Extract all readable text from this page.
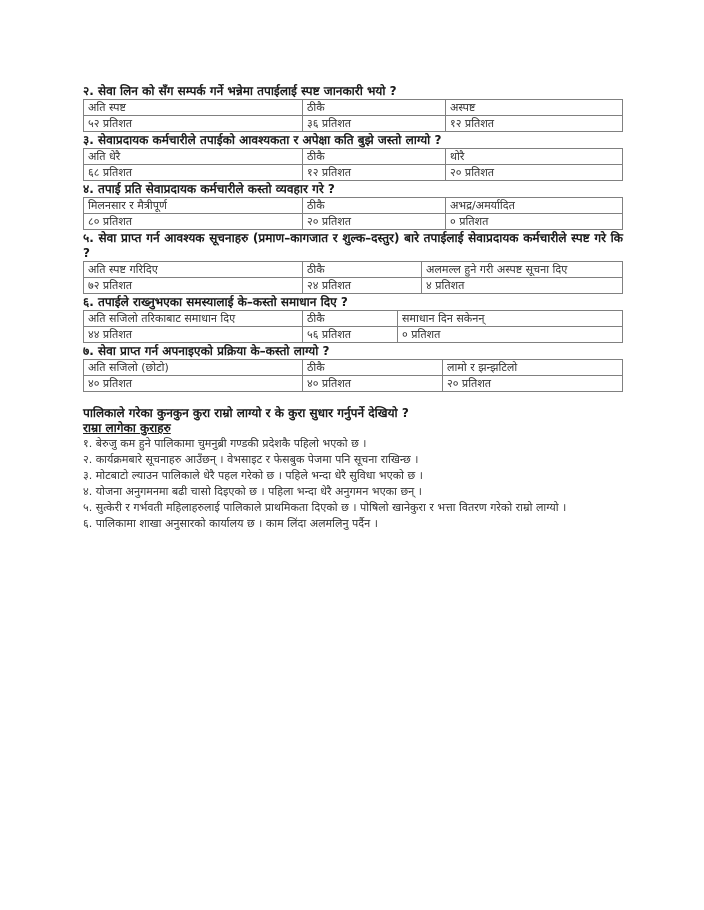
२. सेवा लिन को सँग सम्पर्क गर्ने भन्नेमा तपाईलाई स्पष्ट जानकारी भयो ?

अति स्पष्ट	ठीकै	अस्पष्ट
५२ प्रतिशत	३६ प्रतिशत	१२ प्रतिशत

३. सेवाप्रदायक कर्मचारीले तपाईको आवश्यकता र अपेक्षा कति बुझे जस्तो लाग्यो ?

अति धेरै	ठीकै	थोरै
६८ प्रतिशत	१२ प्रतिशत	२० प्रतिशत

४. तपाई प्रति सेवाप्रदायक कर्मचारीले कस्तो व्यवहार गरे ?

मिलनसार र मैत्रीपूर्ण	ठीकै	अभद्र/अमर्यादित
८० प्रतिशत	२० प्रतिशत	० प्रतिशत

५. सेवा प्राप्त गर्न आवश्यक सूचनाहरु (प्रमाण–कागजात र शुल्क–दस्तुर) बारे तपाईलाई सेवाप्रदायक कर्मचारीले स्पष्ट गरे कि ?

अति स्पष्ट गरिदिए	ठीकै	अलमल्ल हुने गरी अस्पष्ट सूचना दिए
७२ प्रतिशत	२४ प्रतिशत	४ प्रतिशत

६. तपाईले राख्नुभएका समस्यालाई के–कस्तो समाधान दिए ?

अति सजिलो तरिकाबाट समाधान दिए	ठीकै	समाधान दिन सकेनन्
४४ प्रतिशत	५६ प्रतिशत	० प्रतिशत

७. सेवा प्राप्त गर्न अपनाइएको प्रक्रिया के–कस्तो लाग्यो ?

अति सजिलो (छोटो)	ठीकै	लामो र झन्झटिलो
४० प्रतिशत	४० प्रतिशत	२० प्रतिशत

पालिकाले गरेका कुनकुन कुरा राम्रो लाग्यो र के कुरा सुधार गर्नुपर्ने देखियो ?

राम्रा लागेका कुराहरु
१. बेरुजु कम हुने पालिकामा चुमनुब्री गण्डकी प्रदेशकै पहिलो भएको छ ।
२. कार्यक्रमबारे सूचनाहरु आउँछन् । वेभसाइट र फेसबुक पेजमा पनि सूचना राखिन्छ ।
३. मोटबाटो ल्याउन पालिकाले धेरै पहल गरेको छ । पहिले भन्दा धेरै सुविधा भएको छ ।
४. योजना अनुगमनमा बढी चासो दिइएको छ । पहिला भन्दा धेरै अनुगमन भएका छन् ।
५. सुत्केरी र गर्भवती महिलाहरुलाई पालिकाले प्राथमिकता दिएको छ । पोषिलो खानेकुरा र भत्ता वितरण गरेको राम्रो लाग्यो ।
६. पालिकामा शाखा अनुसारको कार्यालय छ । काम लिंदा अलमलिनु पर्दैन ।
